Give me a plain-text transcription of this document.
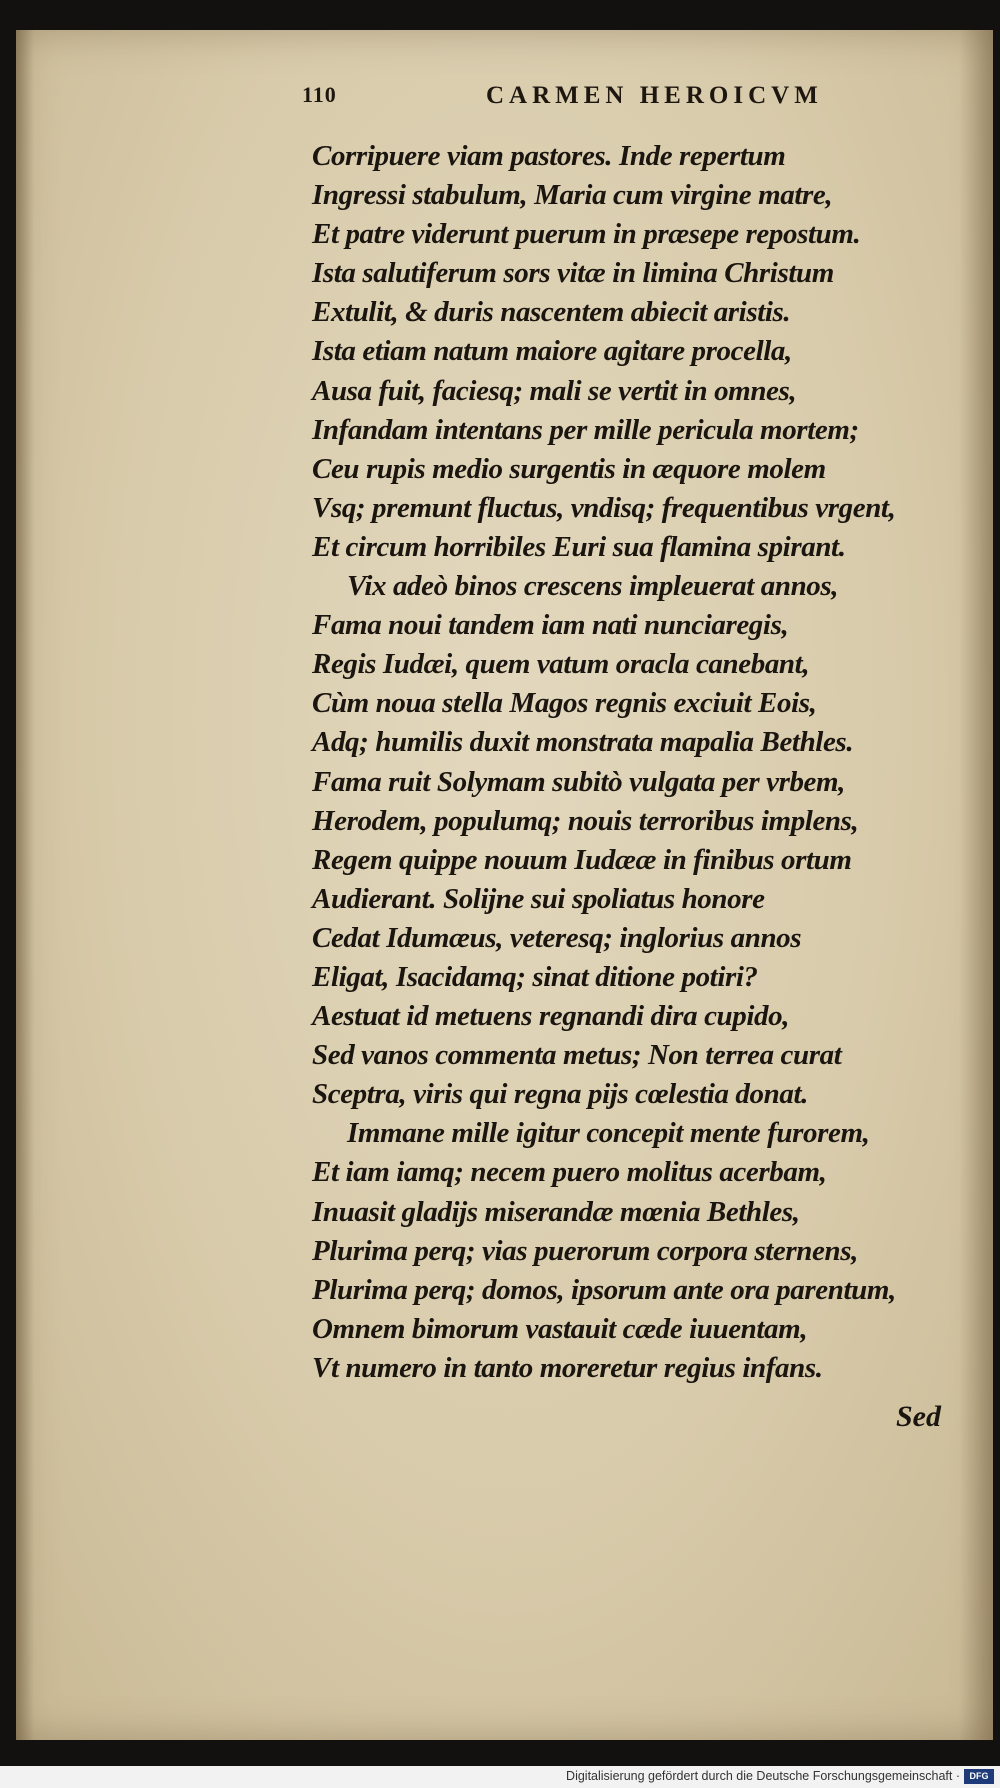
110	CARMEN HEROICVM
Corripuere viam pastores. Inde repertum
Ingressi stabulum, Maria cum virgine matre,
Et patre viderunt puerum in præsepe repostum.
Ista salutiferum sors vitæ in limina Christum
Extulit, & duris nascentem abiecit aristis.
Ista etiam natum maiore agitare procella,
Ausa fuit, faciesq; mali se vertit in omnes,
Infandam intentans per mille pericula mortem;
Ceu rupis medio surgentis in æquore molem
Vsq; premunt fluctus, vndisq; frequentibus vrgent,
Et circum horribiles Euri sua flamina spirant.
Vix adeò binos crescens impleuerat annos,
Fama noui tandem iam nati nunciaregis,
Regis Iudæi, quem vatum oracla canebant,
Cùm noua stella Magos regnis exciuit Eois,
Adq; humilis duxit monstrata mapalia Bethles.
Fama ruit Solymam subitò vulgata per vrbem,
Herodem, populumq; nouis terroribus implens,
Regem quippe nouum Iudææ in finibus ortum
Audierant. Solijne sui spoliatus honore
Cedat Idumæus, veteresq; inglorius annos
Eligat, Isacidamq; sinat ditione potiri?
Aestuat id metuens regnandi dira cupido,
Sed vanos commenta metus; Non terrea curat
Sceptra, viris qui regna pijs cœlestia donat.
Immane mille igitur concepit mente furorem,
Et iam iamq; necem puero molitus acerbam,
Inuasit gladijs miserandæ mœnia Bethles,
Plurima perq; vias puerorum corpora sternens,
Plurima perq; domos, ipsorum ante ora parentum,
Omnem bimorum vastauit cæde iuuentam,
Vt numero in tanto moreretur regius infans.
Sed
Digitalisierung gefördert durch die Deutsche Forschungsgemeinschaft ·	DFG
